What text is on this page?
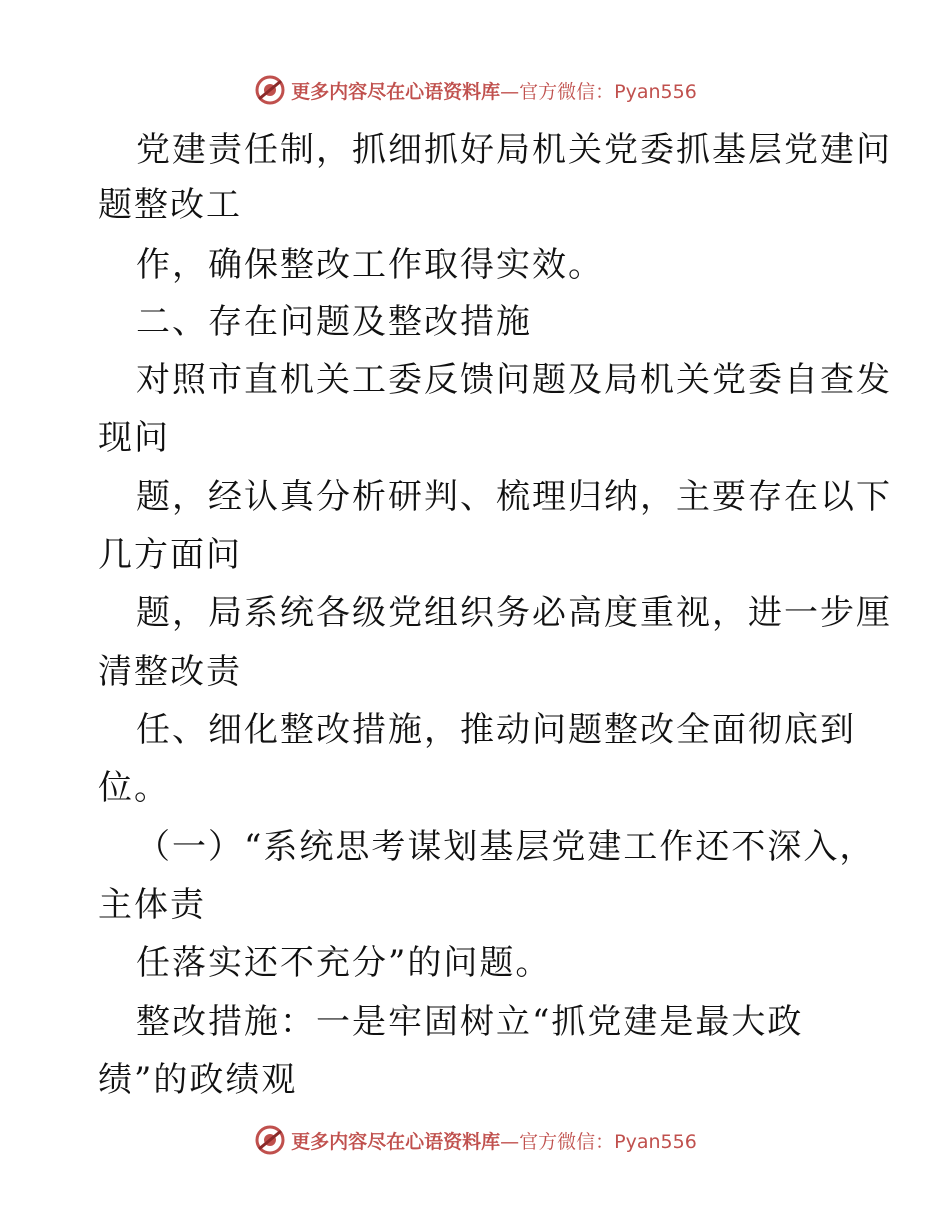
更多内容尽在心语资料库 —官方微信：Pyan556
党建责任制，抓细抓好局机关党委抓基层党建问
题整改工
作，确保整改工作取得实效。
二、存在问题及整改措施
对照市直机关工委反馈问题及局机关党委自查发
现问
题，经认真分析研判、梳理归纳，主要存在以下
几方面问
题，局系统各级党组织务必高度重视，进一步厘
清整改责
任、细化整改措施，推动问题整改全面彻底到
位。
（一）“系统思考谋划基层党建工作还不深入，
主体责
任落实还不充分”的问题。
整改措施：一是牢固树立“抓党建是最大政
绩”的政绩观
更多内容尽在心语资料库 —官方微信：Pyan556
